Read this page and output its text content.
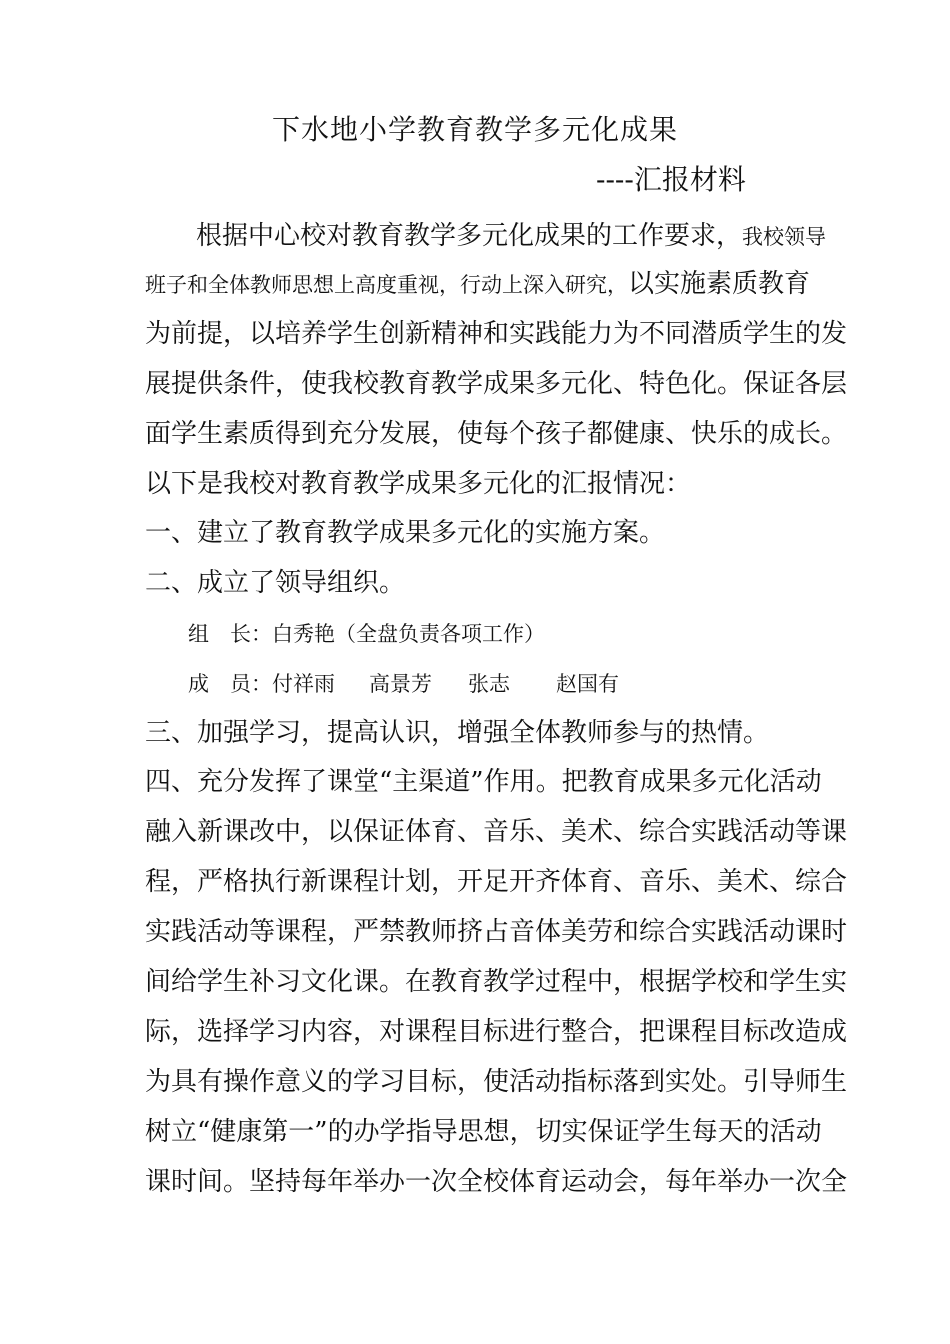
下水地小学教育教学多元化成果
----汇报材料
根据中心校对教育教学多元化成果的工作要求，我校领导
班子和全体教师思想上高度重视，行动上深入研究，以实施素质教育
为前提，以培养学生创新精神和实践能力为不同潜质学生的发
展提供条件，使我校教育教学成果多元化、特色化。保证各层
面学生素质得到充分发展，使每个孩子都健康、快乐的成长。
以下是我校对教育教学成果多元化的汇报情况：
一、建立了教育教学成果多元化的实施方案。
二、成立了领导组织。
组　长：白秀艳（全盘负责各项工作）
成　员：付祥雨 高景芳 张志 赵国有
三、加强学习，提高认识，增强全体教师参与的热情。
四、充分发挥了课堂“主渠道”作用。把教育成果多元化活动
融入新课改中，以保证体育、音乐、美术、综合实践活动等课
程，严格执行新课程计划，开足开齐体育、音乐、美术、综合
实践活动等课程，严禁教师挤占音体美劳和综合实践活动课时
间给学生补习文化课。在教育教学过程中，根据学校和学生实
际，选择学习内容，对课程目标进行整合，把课程目标改造成
为具有操作意义的学习目标，使活动指标落到实处。引导师生
树立“健康第一”的办学指导思想，切实保证学生每天的活动
课时间。坚持每年举办一次全校体育运动会，每年举办一次全
